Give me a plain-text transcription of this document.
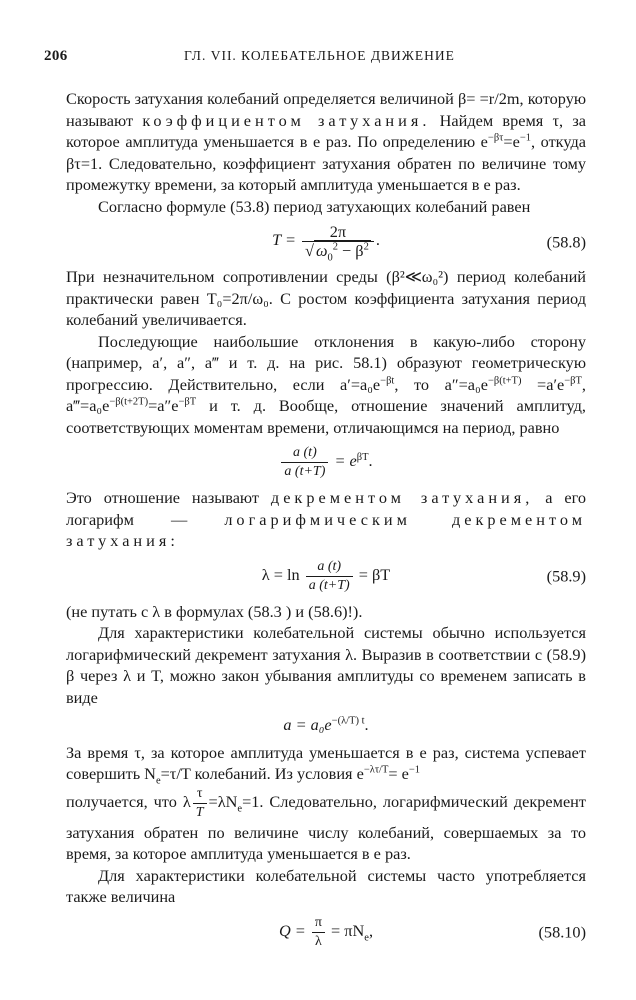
206	ГЛ. VII. КОЛЕБАТЕЛЬНОЕ ДВИЖЕНИЕ

Скорость затухания колебаний определяется величиной β= =r/2m, которую называют коэффициентом затухания. Найдем время τ, за которое амплитуда уменьшается в e раз. По определению $e^{-\beta\tau}=e^{-1}$, откуда βτ=1. Следовательно, коэффициент затухания обратен по величине тому промежутку времени, за который амплитуда уменьшается в e раз.

Согласно формуле (53.8) период затухающих колебаний равен

$T = \frac{2\pi}{√ \omega_0^2 - \beta^2}$ .	(58.8)

При незначительном сопротивлении среды (β²≪ω₀²) период колебаний практически равен T₀=2π/ω₀. С ростом коэффициента затухания период колебаний увеличивается.

Последующие наибольшие отклонения в какую-либо сторону (например, a′, a″, a‴ и т. д. на рис. 58.1) образуют геометрическую прогрессию. Действительно, если $a'=a_0e^{-\beta t}$, то $a''=a_0e^{-\beta(t+T)} =a'e^{-\beta T}$, $a‴=a_0e^{-\beta(t+2T)}=a''e^{-\beta T}$ и т. д. Вообще, отношение значений амплитуд, соответствующих моментам времени, отличающимся на период, равно

$\frac{a (t)}{a (t+T)} = e^{\beta T}$.

Это отношение называют декрементом затухания, а его логарифм — логарифмическим декрементом затухания:

$\lambda = \ln \frac{a (t)}{a (t+T)} = \beta T$	(58.9)

(не путать с λ в формулах (58.3 ) и (58.6)!).

Для характеристики колебательной системы обычно используется логарифмический декремент затухания λ. Выразив в соответствии с (58.9) β через λ и T, можно закон убывания амплитуды со временем записать в виде

$a = a_0e^{-(\lambda/T) t}$.

За время τ, за которое амплитуда уменьшается в e раз, система успевает совершить $N_e=\tau/T$ колебаний. Из условия $e^{-\lambda\tau/T}= e^{-1}$

получается, что λ $\frac{\tau}{T} =\lambda N_e=1$. Следовательно, логарифмический декремент затухания обратен по величине числу колебаний, совершаемых за то время, за которое амплитуда уменьшается в e раз.

Для характеристики колебательной системы часто употребляется также величина

$Q = \frac{\pi}{\lambda} = \pi N_e$,	(58.10)
